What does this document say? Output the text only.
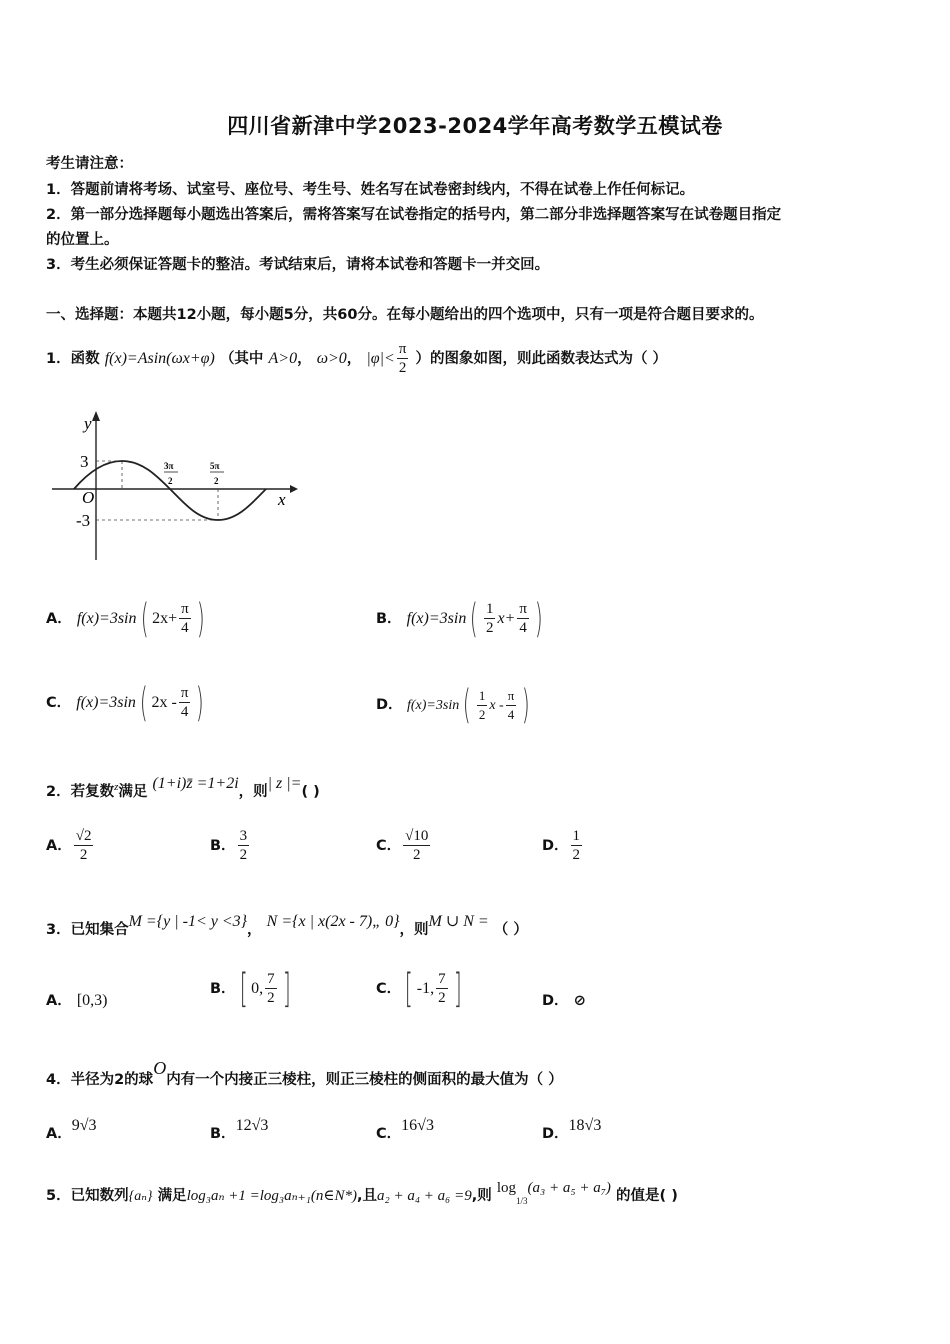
四川省新津中学2023-2024学年高考数学五模试卷
考生请注意：
1．答题前请将考场、试室号、座位号、考生号、姓名写在试卷密封线内，不得在试卷上作任何标记。
2．第一部分选择题每小题选出答案后，需将答案写在试卷指定的括号内，第二部分非选择题答案写在试卷题目指定
的位置上。
3．考生必须保证答题卡的整洁。考试结束后，请将本试卷和答题卡一并交回。
一、选择题：本题共12小题，每小题5分，共60分。在每小题给出的四个选项中，只有一项是符合题目要求的。
1．函数 f(x)=Asin(ωx+φ) （其中 A>0， ω>0， $|\varphi|< \frac{\pi}{2}$ ）的图象如图，则此函数表达式为（ ）
y
x
O
3
-3
3π
2
5π
2
A． f(x)=3sin( $2x+ \frac{\pi}{4}$ )	B． $f(x)=3\sin( \frac{1}{2} x+ \frac{\pi}{4}$ )
C． f(x)=3sin( $2x - \frac{\pi}{4}$ )	D． $f(x)=3\sin( \frac{1}{2}$ x - $\frac{\pi}{4}$ )
2．若复数$^z$满足 (1+i)z̄ =1+2i，则| z |=( )
A． $\frac{√2}{2}$	B． $\frac{3}{2}$	C． $\frac{√10}{2}$	D． $\frac{1}{2}$
3．已知集合M ={y | -1< y <3}， N ={x | x(2x - 7)„ 0}，则M ∪ N = （ ）
A． [0,3)
B．[ 0, $\frac{7}{2}$ ]	C．[ -1, $\frac{7}{2}$ ]	D． ⊘
4．半径为2的球O内有一个内接正三棱柱，则正三棱柱的侧面积的最大值为（ ）
A．9√3	B．12√3	C．16√3	D．18√3
5．已知数列{aₙ} 满足log₃aₙ +1 =log₃aₙ₊₁(n∈N*),且a₂ + a₄ + a₆ =9,则 $\log_{1/3}(a_3 + a_5 + a_7)$ 的值是( )
